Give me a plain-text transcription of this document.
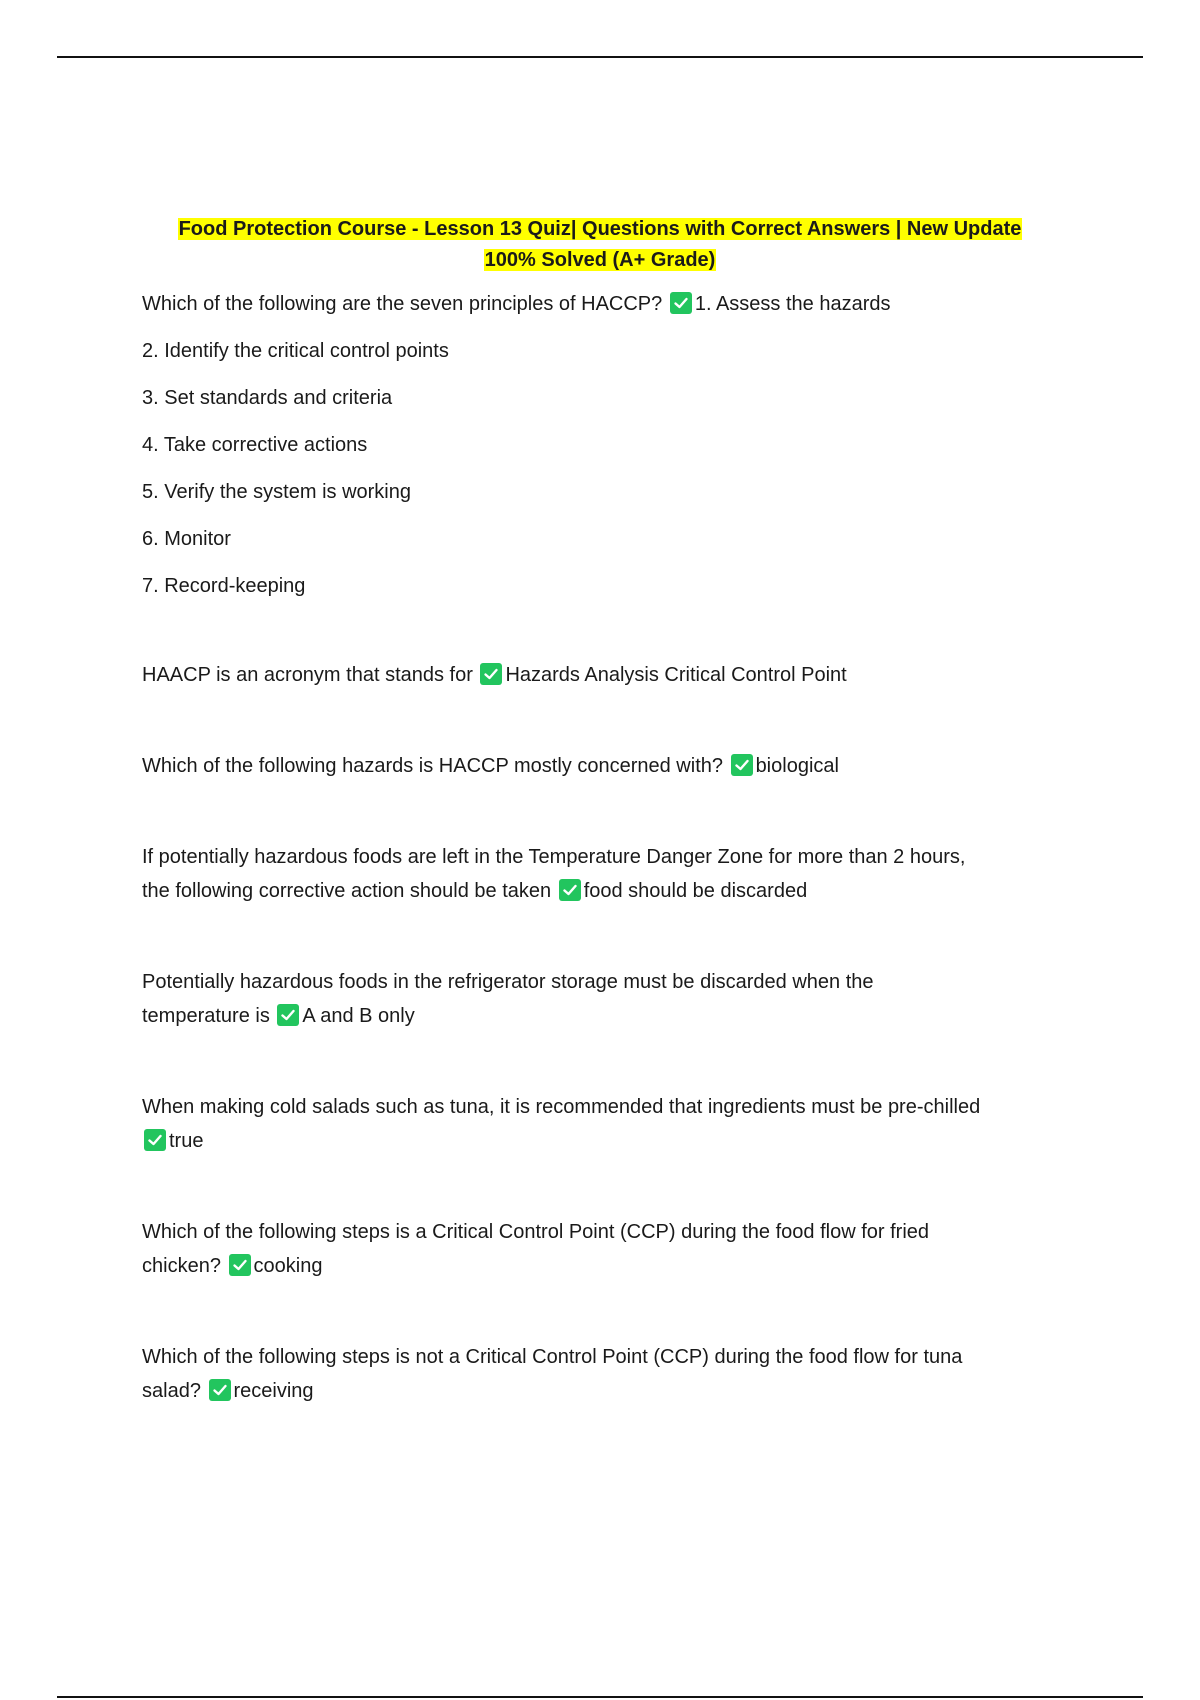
Food Protection Course - Lesson 13 Quiz| Questions with Correct Answers | New Update
100% Solved (A+ Grade)

Which of the following are the seven principles of HACCP? 1. Assess the hazards

2. Identify the critical control points

3. Set standards and criteria

4. Take corrective actions

5. Verify the system is working

6. Monitor

7. Record-keeping

HAACP is an acronym that stands for Hazards Analysis Critical Control Point

Which of the following hazards is HACCP mostly concerned with? biological

If potentially hazardous foods are left in the Temperature Danger Zone for more than 2 hours,
the following corrective action should be taken food should be discarded

Potentially hazardous foods in the refrigerator storage must be discarded when the
temperature is A and B only

When making cold salads such as tuna, it is recommended that ingredients must be pre-chilled

true

Which of the following steps is a Critical Control Point (CCP) during the food flow for fried
chicken? cooking

Which of the following steps is not a Critical Control Point (CCP) during the food flow for tuna
salad? receiving
